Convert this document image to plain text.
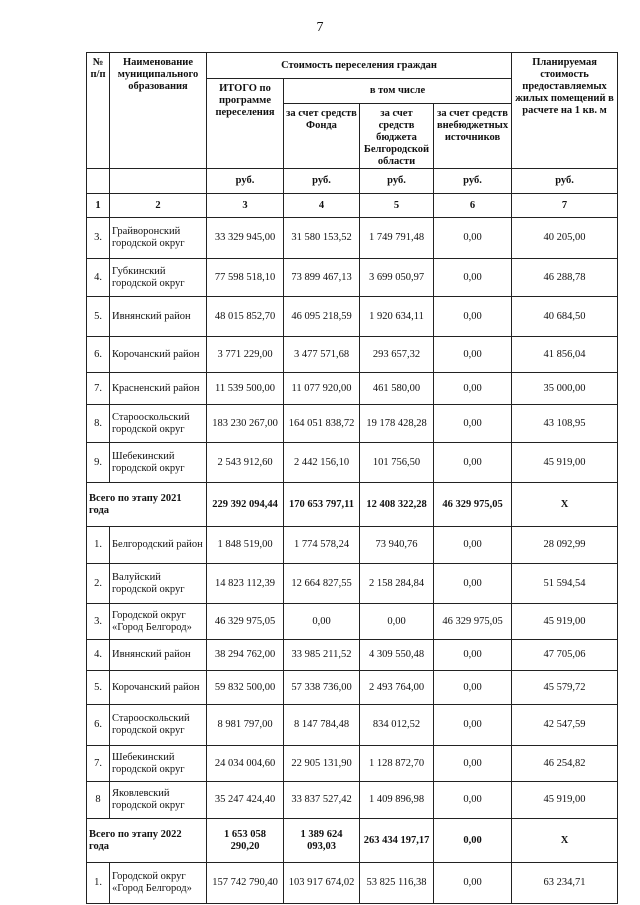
7
№ п/п	Наименование муниципального образования	Стоимость переселения граждан				Планируемая стоимость предоставляемых жилых помещений в расчете на 1 кв. м
		ИТОГО по программе переселения	в том числе			
			за счет средств Фонда	за счет средств бюджета Белгородской области	за счет средств внебюджетных источников	
		руб.	руб.	руб.	руб.	руб.
1	2	3	4	5	6	7
3.	Грайворонский городской округ	33 329 945,00	31 580 153,52	1 749 791,48	0,00	40 205,00
4.	Губкинский городской округ	77 598 518,10	73 899 467,13	3 699 050,97	0,00	46 288,78
5.	Ивнянский район	48 015 852,70	46 095 218,59	1 920 634,11	0,00	40 684,50
6.	Корочанский район	3 771 229,00	3 477 571,68	293 657,32	0,00	41 856,04
7.	Красненский район	11 539 500,00	11 077 920,00	461 580,00	0,00	35 000,00
8.	Старооскольский городской округ	183 230 267,00	164 051 838,72	19 178 428,28	0,00	43 108,95
9.	Шебекинский городской округ	2 543 912,60	2 442 156,10	101 756,50	0,00	45 919,00
Всего по этапу 2021 года		229 392 094,44	170 653 797,11	12 408 322,28	46 329 975,05	X
1.	Белгородский район	1 848 519,00	1 774 578,24	73 940,76	0,00	28 092,99
2.	Валуйский городской округ	14 823 112,39	12 664 827,55	2 158 284,84	0,00	51 594,54
3.	Городской округ «Город Белгород»	46 329 975,05	0,00	0,00	46 329 975,05	45 919,00
4.	Ивнянский район	38 294 762,00	33 985 211,52	4 309 550,48	0,00	47 705,06
5.	Корочанский район	59 832 500,00	57 338 736,00	2 493 764,00	0,00	45 579,72
6.	Старооскольский городской округ	8 981 797,00	8 147 784,48	834 012,52	0,00	42 547,59
7.	Шебекинский городской округ	24 034 004,60	22 905 131,90	1 128 872,70	0,00	46 254,82
8	Яковлевский городской округ	35 247 424,40	33 837 527,42	1 409 896,98	0,00	45 919,00
Всего по этапу 2022 года		1 653 058 290,20	1 389 624 093,03	263 434 197,17	0,00	X
1.	Городской округ «Город Белгород»	157 742 790,40	103 917 674,02	53 825 116,38	0,00	63 234,71
